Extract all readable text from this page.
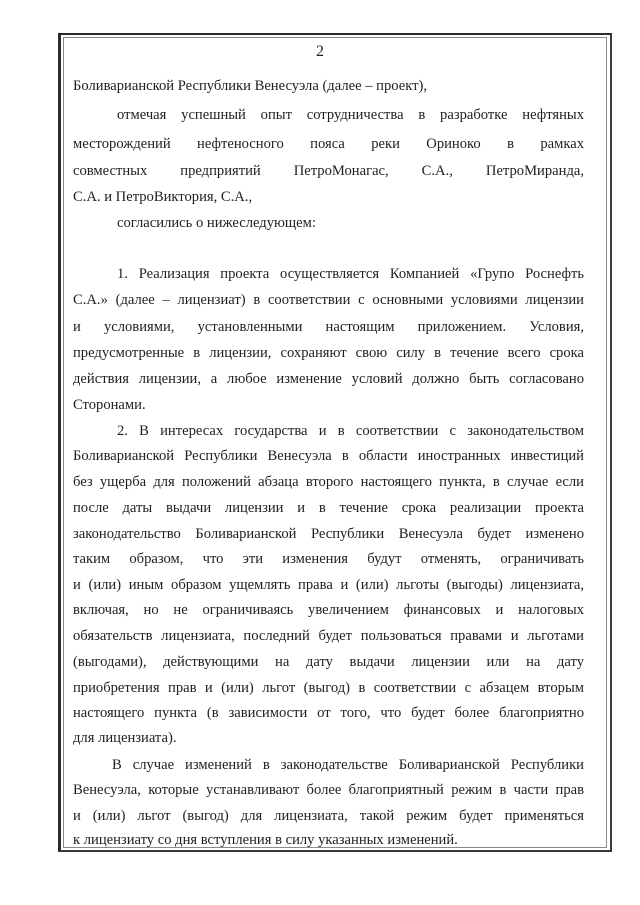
2
Боливарианской Республики Венесуэла (далее – проект),
отмечая успешный опыт сотрудничества в разработке нефтяных
месторождений нефтеносного пояса реки Ориноко в рамках
совместных предприятий ПетроМонагас, С.А., ПетроМиранда,
С.А. и ПетроВиктория, С.А.,
согласились о нижеследующем:
1. Реализация проекта осуществляется Компанией «Групо Роснефть
С.А.» (далее – лицензиат) в соответствии с основными условиями лицензии
и условиями, установленными настоящим приложением. Условия,
предусмотренные в лицензии, сохраняют свою силу в течение всего срока
действия лицензии, а любое изменение условий должно быть согласовано
Сторонами.
2. В интересах государства и в соответствии с законодательством
Боливарианской Республики Венесуэла в области иностранных инвестиций
без ущерба для положений абзаца второго настоящего пункта, в случае если
после даты выдачи лицензии и в течение срока реализации проекта
законодательство Боливарианской Республики Венесуэла будет изменено
таким образом, что эти изменения будут отменять, ограничивать
и (или) иным образом ущемлять права и (или) льготы (выгоды) лицензиата,
включая, но не ограничиваясь увеличением финансовых и налоговых
обязательств лицензиата, последний будет пользоваться правами и льготами
(выгодами), действующими на дату выдачи лицензии или на дату
приобретения прав и (или) льгот (выгод) в соответствии с абзацем вторым
настоящего пункта (в зависимости от того, что будет более благоприятно
для лицензиата).
В случае изменений в законодательстве Боливарианской Республики
Венесуэла, которые устанавливают более благоприятный режим в части прав
и (или) льгот (выгод) для лицензиата, такой режим будет применяться
к лицензиату со дня вступления в силу указанных изменений.
